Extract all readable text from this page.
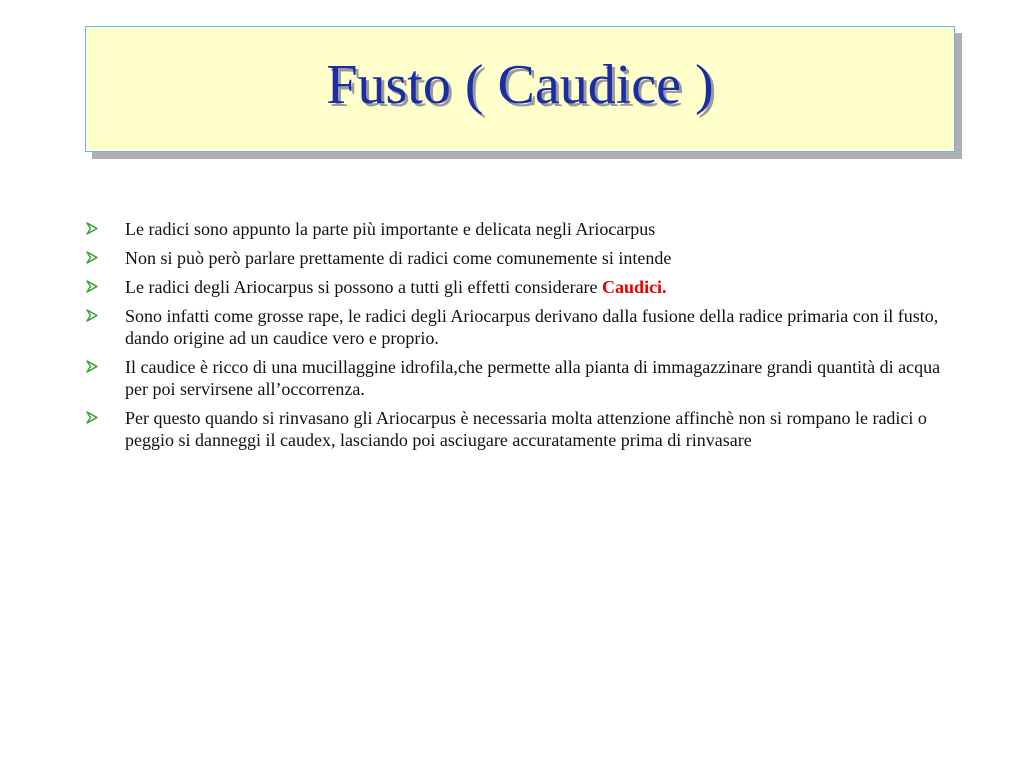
Fusto ( Caudice )
Le radici sono appunto la parte più importante e delicata negli Ariocarpus
Non si può però parlare prettamente di radici come comunemente si intende
Le radici degli Ariocarpus si possono a tutti gli effetti considerare Caudici.
Sono infatti come grosse rape, le radici degli Ariocarpus derivano dalla fusione della radice primaria con il fusto, dando origine ad un caudice vero e proprio.
Il caudice è ricco di una mucillaggine idrofila,che permette alla pianta di immagazzinare grandi quantità di acqua per poi servirsene all’occorrenza.
Per questo quando si rinvasano gli Ariocarpus è necessaria molta attenzione affinchè non si rompano le radici o peggio si danneggi il caudex, lasciando poi asciugare accuratamente prima di rinvasare
